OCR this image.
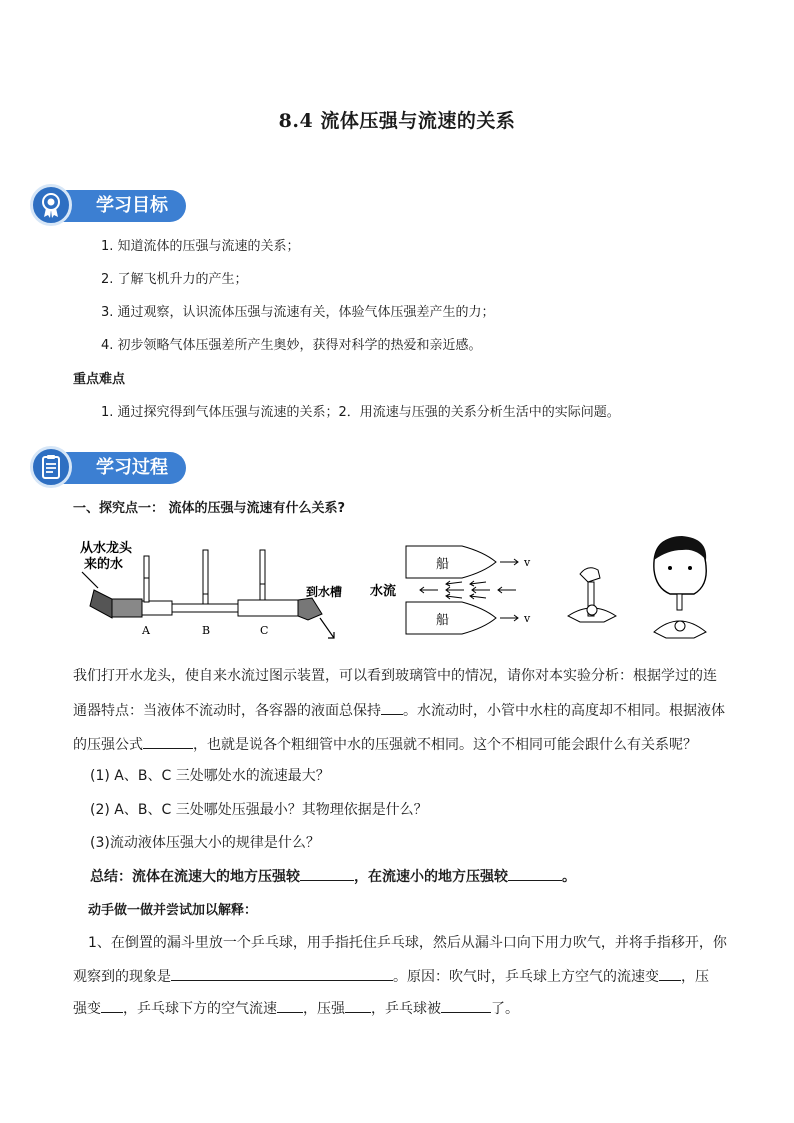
8.4 流体压强与流速的关系
学习目标
1. 知道流体的压强与流速的关系；
2. 了解飞机升力的产生；
3. 通过观察，认识流体压强与流速有关，体验气体压强差产生的力；
4. 初步领略气体压强差所产生奥妙，获得对科学的热爱和亲近感。
重点难点
1. 通过探究得到气体压强与流速的关系；2．用流速与压强的关系分析生活中的实际问题。
学习过程
一、探究点一： 流体的压强与流速有什么关系?
从水龙头
来的水
A	B	C
到水槽
船
船
水流
v
v
我们打开水龙头，使自来水流过图示装置，可以看到玻璃管中的情况，请你对本实验分析：根据学过的连
通器特点：当液体不流动时，各容器的液面总保持 。水流动时，小管中水柱的高度却不相同。根据液体
的压强公式	，也就是说各个粗细管中水的压强就不相同。这个不相同可能会跟什么有关系呢？
(1) A、B、C 三处哪处水的流速最大？
(2) A、B、C 三处哪处压强最小？其物理依据是什么？
(3)流动液体压强大小的规律是什么？
总结：流体在流速大的地方压强较	，在流速小的地方压强较	。
动手做一做并尝试加以解释：
1、在倒置的漏斗里放一个乒乓球，用手指托住乒乓球，然后从漏斗口向下用力吹气，并将手指移开，你
观察到的现象是	。原因：吹气时，乒乓球上方空气的流速变 ，压
强变 ，乒乓球下方的空气流速 ，压强 ，乒乓球被	了。
